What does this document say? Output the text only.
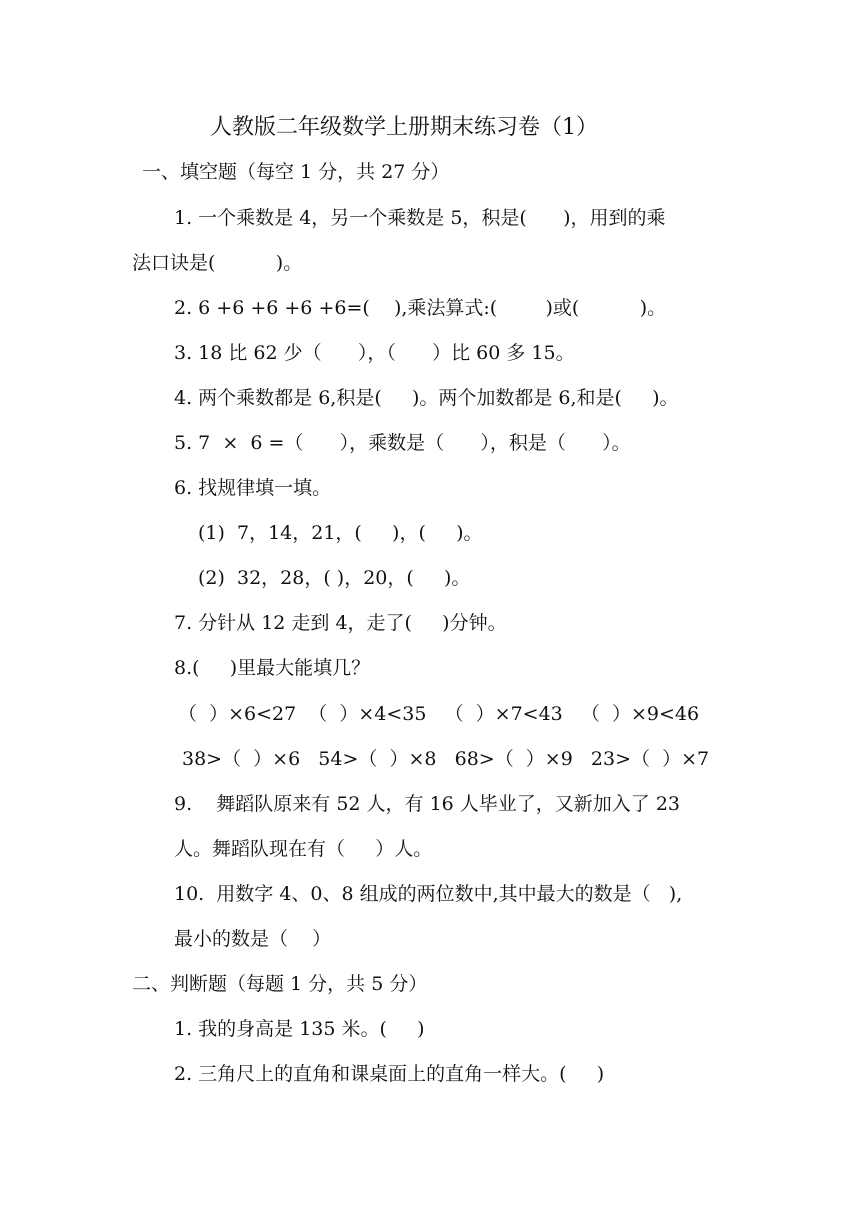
人教版二年级数学上册期末练习卷（1）
一、填空题（每空 1 分，共 27 分）
1. 一个乘数是 4，另一个乘数是 5，积是(      )，用到的乘
法口诀是(          )。
2. 6 +6 +6 +6 +6=(    ),乘法算式:(        )或(          )。
3. 18 比 62 少（      ），（      ）比 60 多 15。
4. 两个乘数都是 6,积是(     )。两个加数都是 6,和是(     )。
5. 7  ×  6 =（      ），乘数是（      ），积是（      ）。
6. 找规律填一填。
(1)  7，14，21，(     )，(     )。
(2)  32，28，( )，20，(     )。
7. 分针从 12 走到 4，走了(     )分钟。
8.(     )里最大能填几？
（  ）×6<27  （  ）×4<35   （  ）×7<43   （  ）×9<46
38>（  ）×6   54>（  ）×8   68>（  ）×9   23>（  ）×7
9.    舞蹈队原来有 52 人，有 16 人毕业了，又新加入了 23
人。舞蹈队现在有（     ）人。
10.  用数字 4、0、8 组成的两位数中,其中最大的数是（   ),
最小的数是（    ）
二、判断题（每题 1 分，共 5 分）
1. 我的身高是 135 米。(     )
2. 三角尺上的直角和课桌面上的直角一样大。(     )
